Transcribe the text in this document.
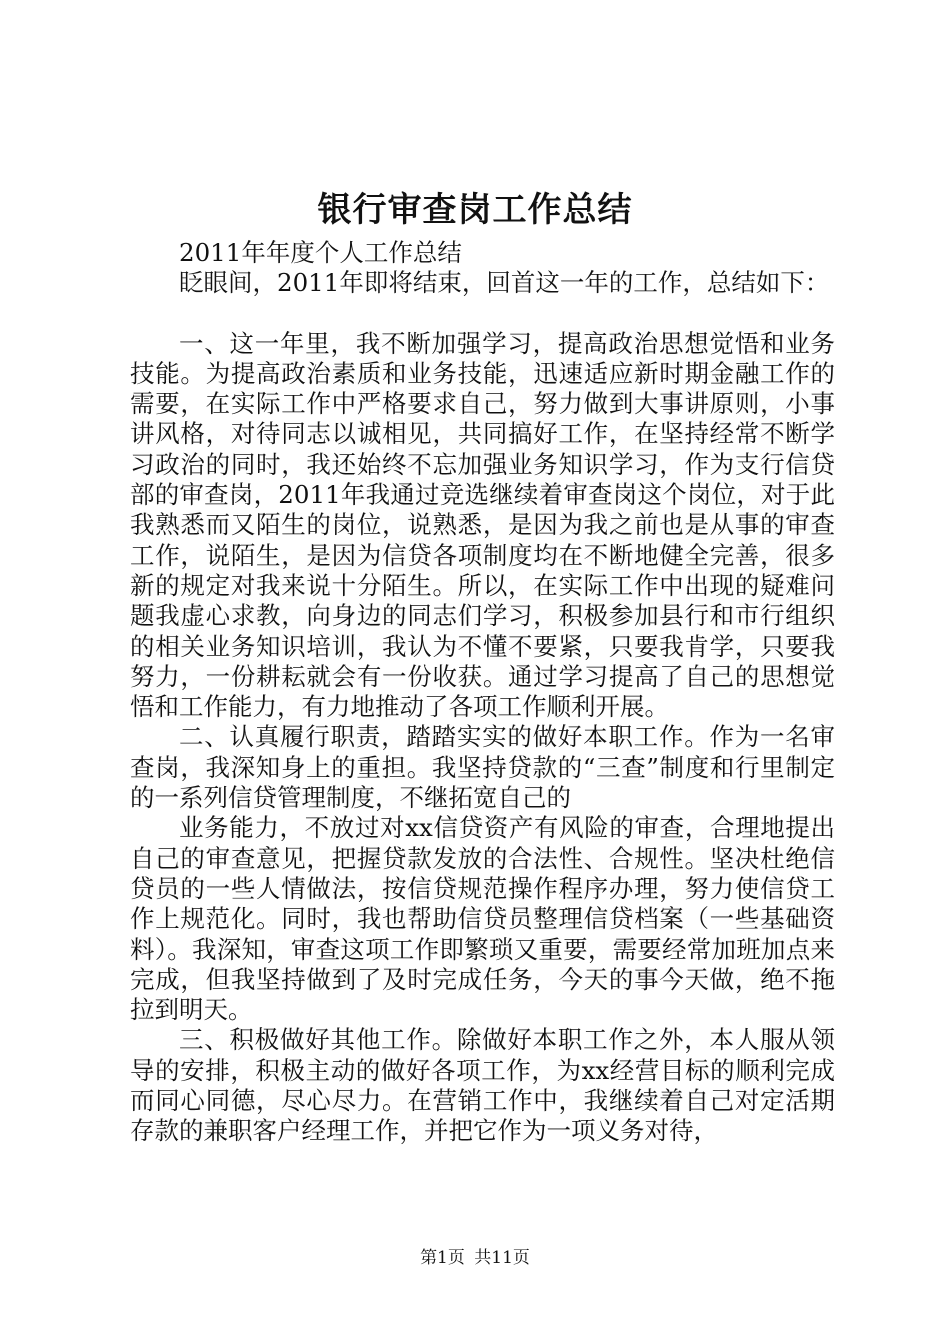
银行审查岗工作总结

2011年年度个人工作总结

眨眼间，2011年即将结束，回首这一年的工作，总结如下：

一、这一年里，我不断加强学习，提高政治思想觉悟和业务技能。为提高政治素质和业务技能，迅速适应新时期金融工作的需要，在实际工作中严格要求自己，努力做到大事讲原则，小事讲风格，对待同志以诚相见，共同搞好工作，在坚持经常不断学习政治的同时，我还始终不忘加强业务知识学习，作为支行信贷部的审查岗，2011年我通过竞选继续着审查岗这个岗位，对于此我熟悉而又陌生的岗位，说熟悉，是因为我之前也是从事的审查工作，说陌生，是因为信贷各项制度均在不断地健全完善，很多新的规定对我来说十分陌生。所以，在实际工作中出现的疑难问题我虚心求教，向身边的同志们学习，积极参加县行和市行组织的相关业务知识培训，我认为不懂不要紧，只要我肯学，只要我努力，一份耕耘就会有一份收获。通过学习提高了自己的思想觉悟和工作能力，有力地推动了各项工作顺利开展。

二、认真履行职责，踏踏实实的做好本职工作。作为一名审查岗，我深知身上的重担。我坚持贷款的“三查”制度和行里制定的一系列信贷管理制度，不继拓宽自己的

业务能力，不放过对xx信贷资产有风险的审查，合理地提出自己的审查意见，把握贷款发放的合法性、合规性。坚决杜绝信贷员的一些人情做法，按信贷规范操作程序办理，努力使信贷工作上规范化。同时，我也帮助信贷员整理信贷档案（一些基础资料）。我深知，审查这项工作即繁琐又重要，需要经常加班加点来完成，但我坚持做到了及时完成任务，今天的事今天做，绝不拖拉到明天。

三、积极做好其他工作。除做好本职工作之外，本人服从领导的安排，积极主动的做好各项工作，为xx经营目标的顺利完成而同心同德，尽心尽力。在营销工作中，我继续着自己对定活期存款的兼职客户经理工作，并把它作为一项义务对待，

第1页 共11页
